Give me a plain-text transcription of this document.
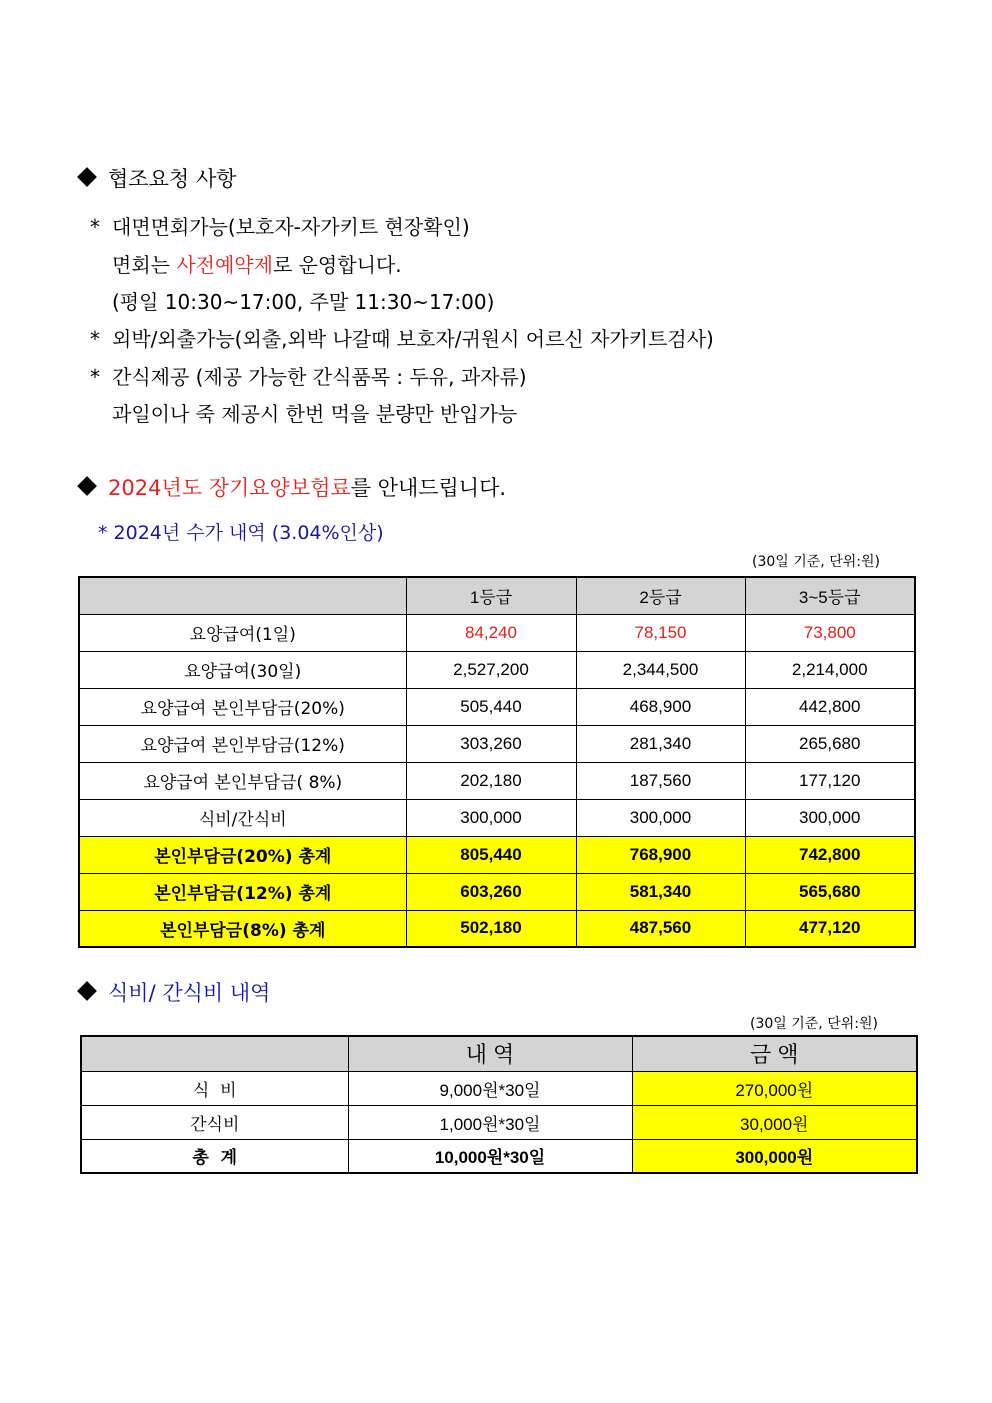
협조요청 사항
* 대면면회가능(보호자-자가키트 현장확인)
면회는 사전예약제로 운영합니다.
(평일 10:30~17:00, 주말 11:30~17:00)
* 외박/외출가능(외출,외박 나갈때 보호자/귀원시 어르신 자가키트검사)
* 간식제공 (제공 가능한 간식품목 : 두유, 과자류)
과일이나 죽 제공시 한번 먹을 분량만 반입가능
2024년도 장기요양보험료를 안내드립니다.
* 2024년 수가 내역 (3.04%인상)
(30일 기준, 단위:원)
	1등급	2등급	3~5등급
요양급여(1일)	84,240	78,150	73,800
요양급여(30일)	2,527,200	2,344,500	2,214,000
요양급여 본인부담금(20%)	505,440	468,900	442,800
요양급여 본인부담금(12%)	303,260	281,340	265,680
요양급여 본인부담금( 8%)	202,180	187,560	177,120
식비/간식비	300,000	300,000	300,000
본인부담금(20%) 총계	805,440	768,900	742,800
본인부담금(12%) 총계	603,260	581,340	565,680
본인부담금(8%) 총계	502,180	487,560	477,120
식비/ 간식비 내역
(30일 기준, 단위:원)
	내 역	금 액
식  비	9,000원*30일	270,000원
간식비	1,000원*30일	30,000원
총  계	10,000원*30일	300,000원
